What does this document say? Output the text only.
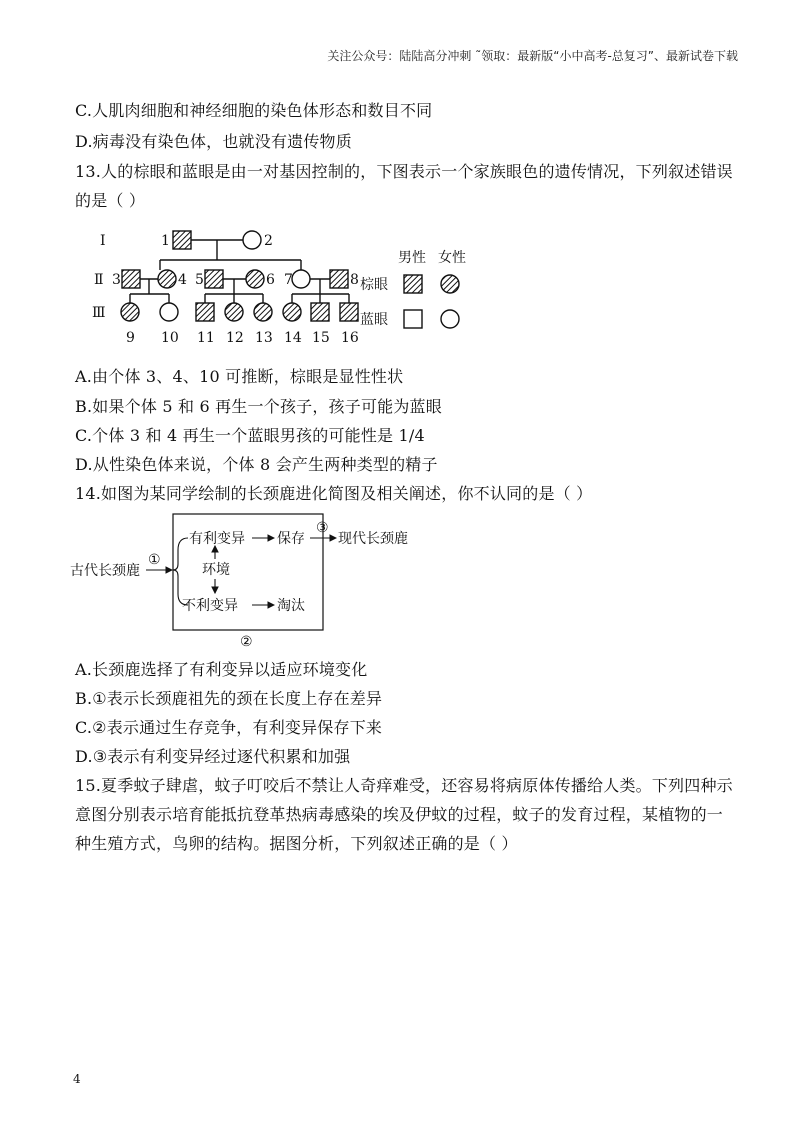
关注公众号：陆陆高分冲刺 ˜领取：最新版“小中高考-总复习”、最新试卷下载
C.人肌肉细胞和神经细胞的染色体形态和数目不同
D.病毒没有染色体，也就没有遗传物质
13.人的棕眼和蓝眼是由一对基因控制的，下图表示一个家族眼色的遗传情况，下列叙述错误
的是（ ）
Ⅰ
Ⅱ
Ⅲ
1	2
3	4 5	6 7	8
9 10 11 12 13 14 15 16
男性 女性
棕眼
蓝眼
A.由个体 3、4、10 可推断，棕眼是显性性状
B.如果个体 5 和 6 再生一个孩子，孩子可能为蓝眼
C.个体 3 和 4 再生一个蓝眼男孩的可能性是 1/4
D.从性染色体来说，个体 8 会产生两种类型的精子
14.如图为某同学绘制的长颈鹿进化简图及相关阐述，你不认同的是（ ）
古代长颈鹿
①
有利变异 保存
③
现代长颈鹿
环境
不利变异	淘汰
②
A.长颈鹿选择了有利变异以适应环境变化
B.①表示长颈鹿祖先的颈在长度上存在差异
C.②表示通过生存竞争，有利变异保存下来
D.③表示有利变异经过逐代积累和加强
15.夏季蚊子肆虐，蚊子叮咬后不禁让人奇痒难受，还容易将病原体传播给人类。下列四种示
意图分别表示培育能抵抗登革热病毒感染的埃及伊蚊的过程，蚊子的发育过程，某植物的一
种生殖方式，鸟卵的结构。据图分析，下列叙述正确的是（ ）
4
